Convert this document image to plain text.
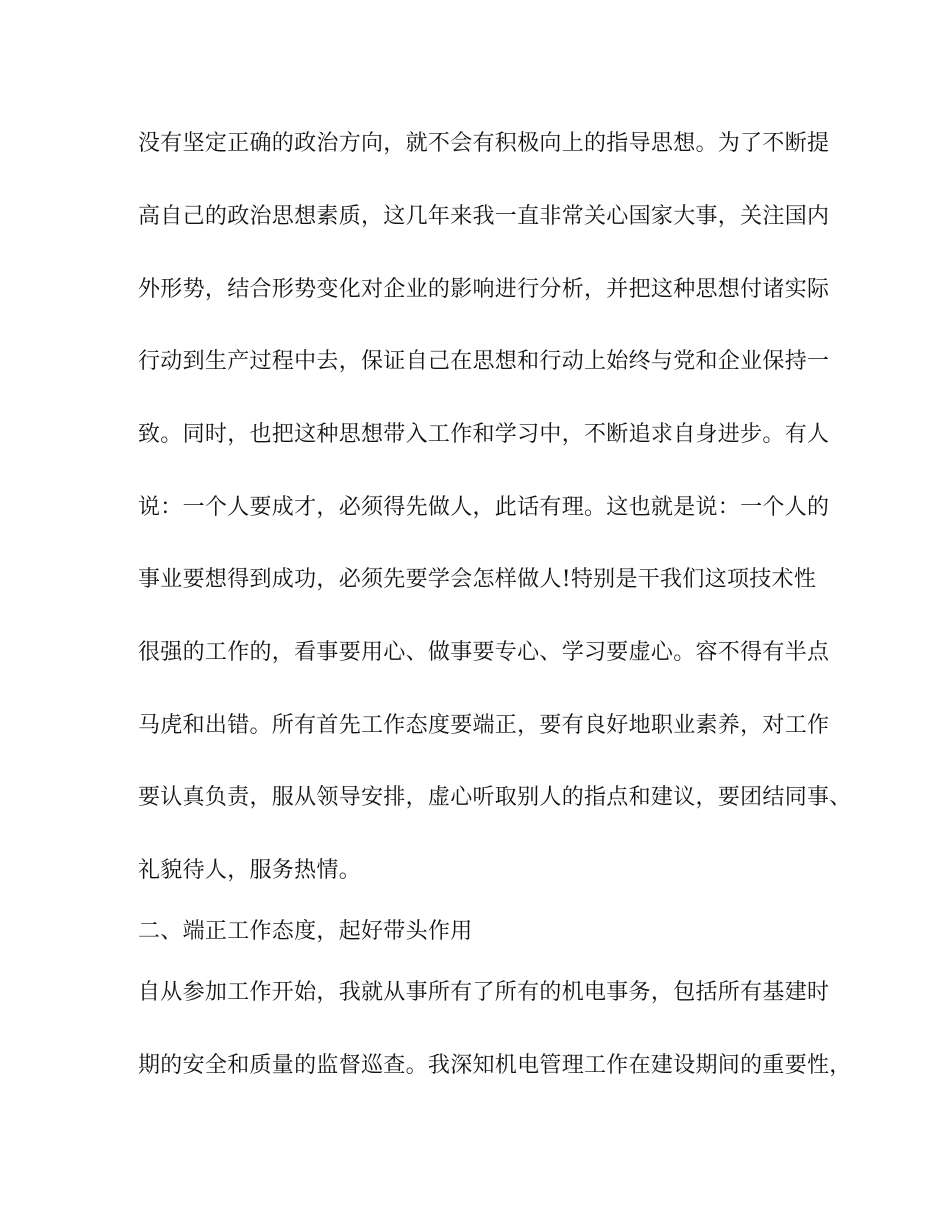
没有坚定正确的政治方向，就不会有积极向上的指导思想。为了不断提

高自己的政治思想素质，这几年来我一直非常关心国家大事，关注国内

外形势，结合形势变化对企业的影响进行分析，并把这种思想付诸实际

行动到生产过程中去，保证自己在思想和行动上始终与党和企业保持一

致。同时，也把这种思想带入工作和学习中，不断追求自身进步。有人

说：一个人要成才，必须得先做人，此话有理。这也就是说：一个人的

事业要想得到成功，必须先要学会怎样做人!特别是干我们这项技术性

很强的工作的，看事要用心、做事要专心、学习要虚心。容不得有半点

马虎和出错。所有首先工作态度要端正，要有良好地职业素养，对工作

要认真负责，服从领导安排，虚心听取别人的指点和建议，要团结同事、

礼貌待人，服务热情。

二、端正工作态度，起好带头作用

自从参加工作开始，我就从事所有了所有的机电事务，包括所有基建时

期的安全和质量的监督巡查。我深知机电管理工作在建设期间的重要性，
